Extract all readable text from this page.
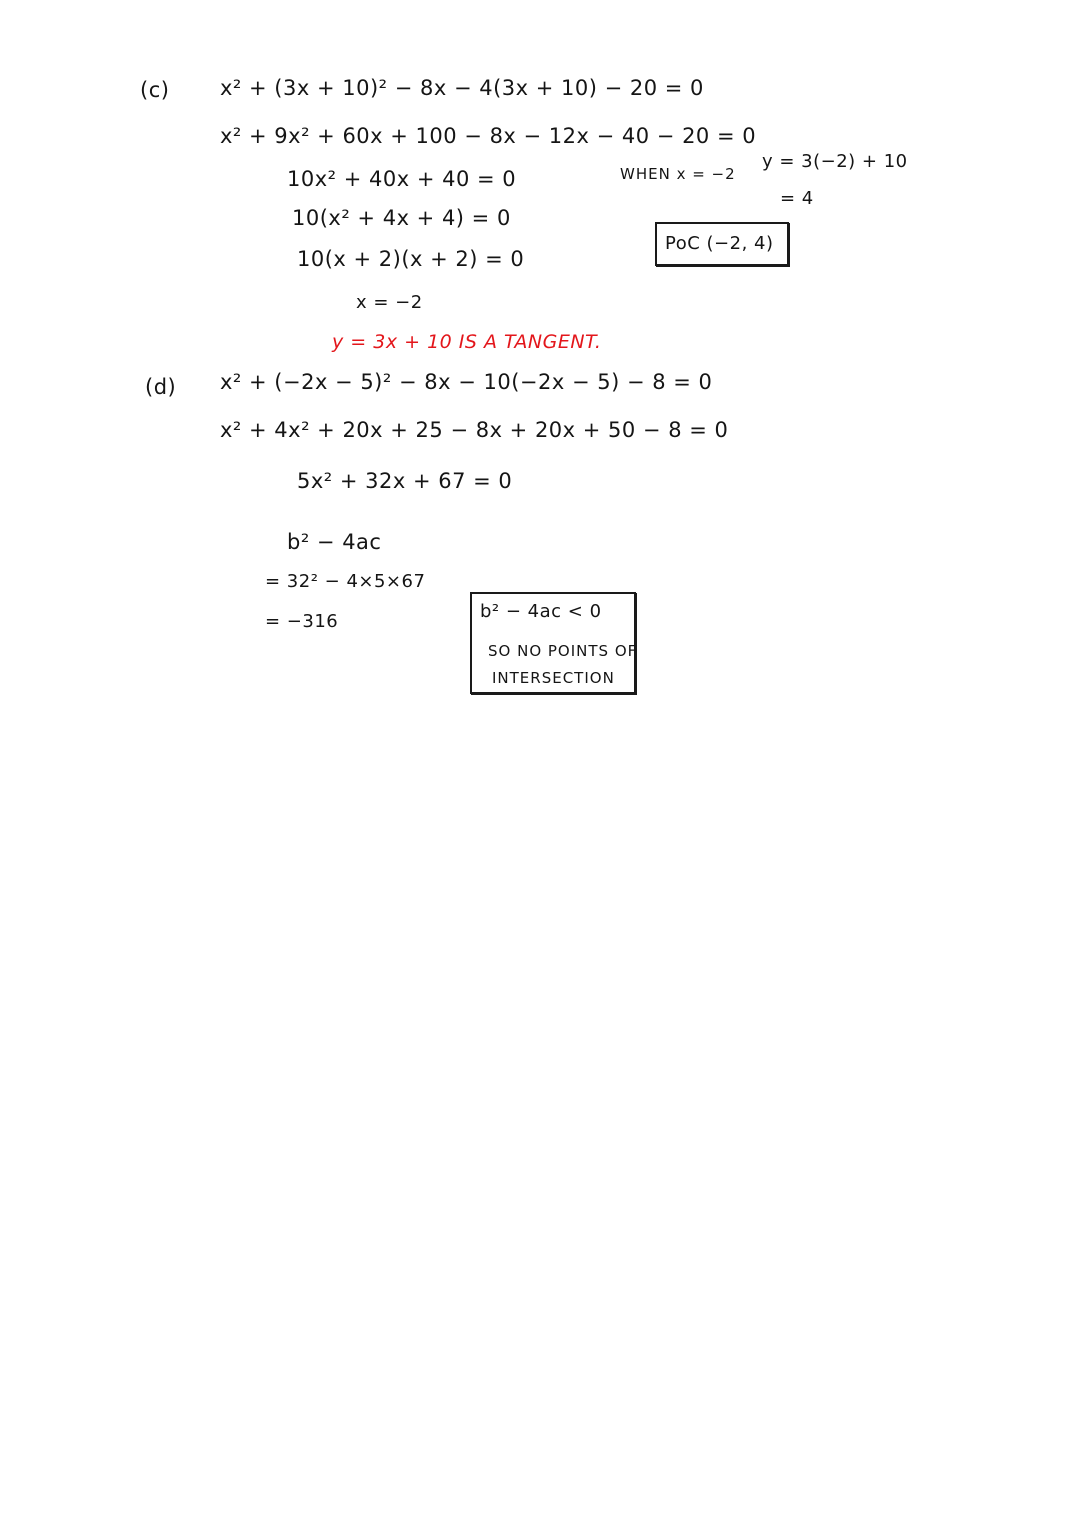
(c) x² + (3x + 10)² − 8x − 4(3x + 10) − 20 = 0
x² + 9x² + 60x + 100 − 8x − 12x − 40 − 20 = 0
10x² + 40x + 40 = 0
10(x² + 4x + 4) = 0
10(x + 2)(x + 2) = 0
x = −2
y = 3x + 10 IS A TANGENT.
WHEN x = −2
y = 3(−2) + 10
= 4
PoC (−2, 4)
(d) x² + (−2x − 5)² − 8x − 10(−2x − 5) − 8 = 0
x² + 4x² + 20x + 25 − 8x + 20x + 50 − 8 = 0
5x² + 32x + 67 = 0
b² − 4ac
= 32² − 4×5×67
= −316	b² − 4ac < 0
SO NO POINTS OF
INTERSECTION
